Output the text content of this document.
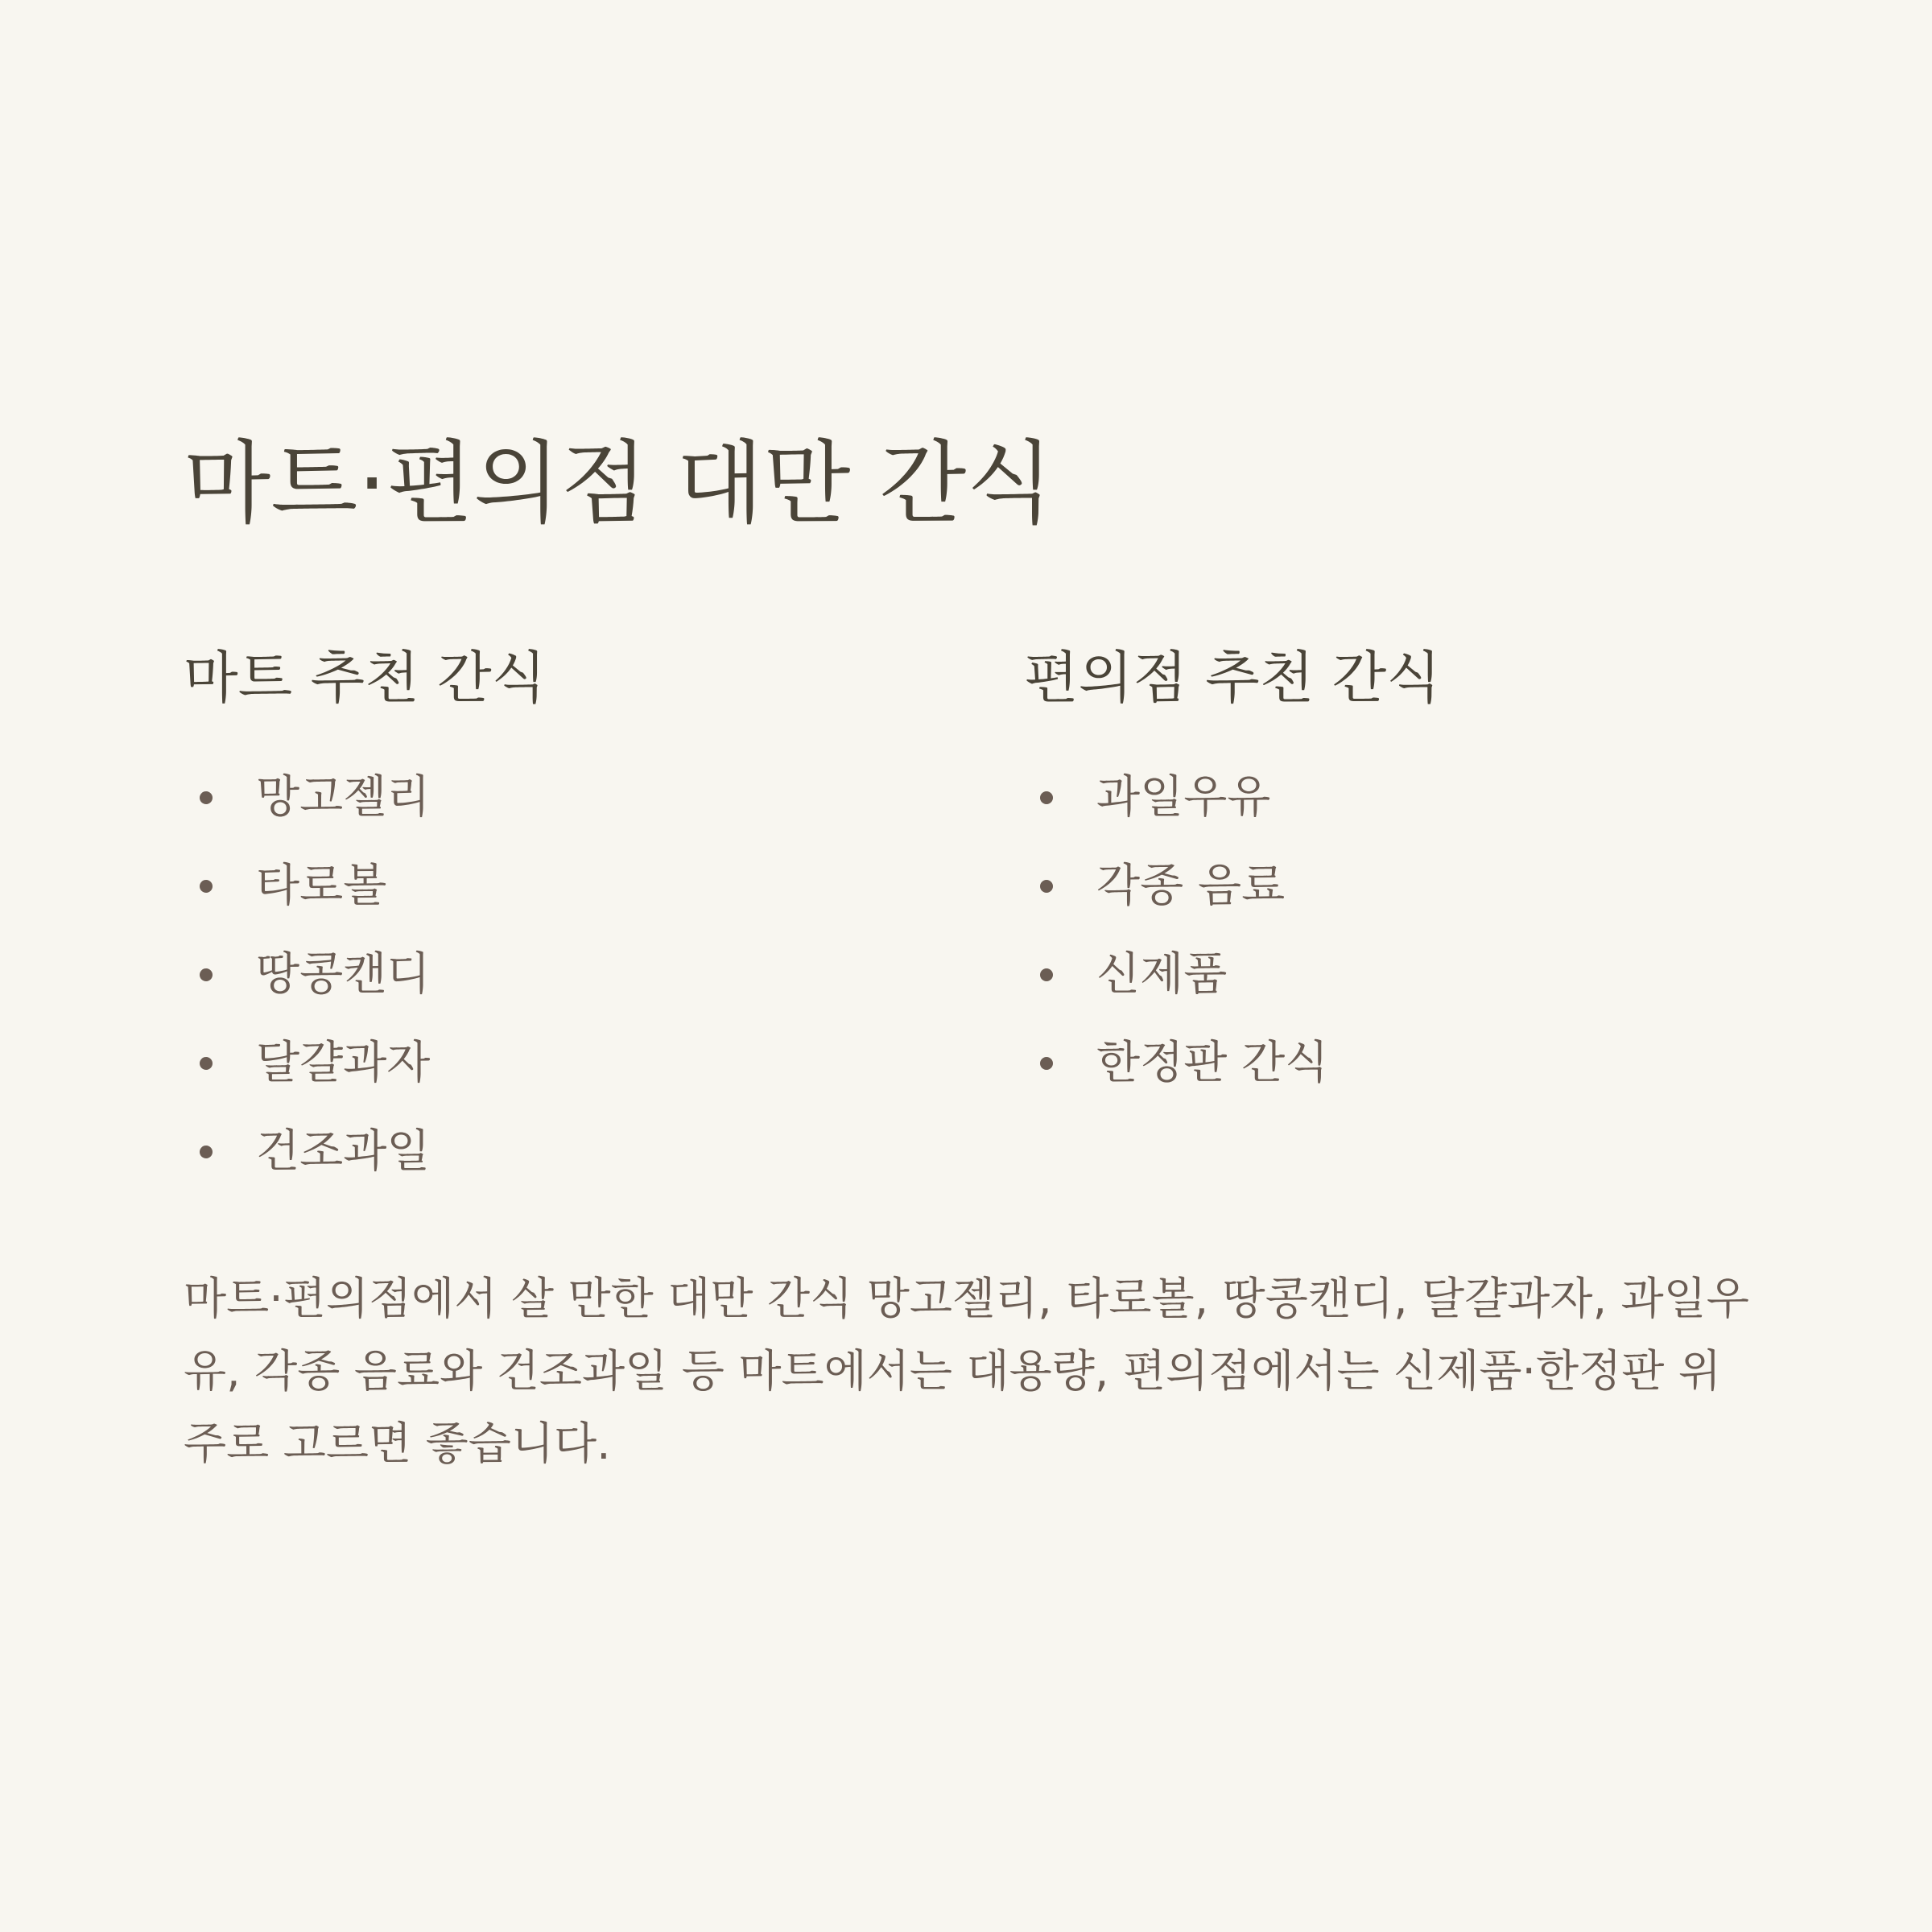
마트·편의점 대만 간식
마트 추천 간식
망고젤리
타로볼
땅콩캔디
달걀과자
건조과일
편의점 추천 간식
과일우유
각종 음료
신제품
한정판 간식

마트·편의점에서 살 만한 대만 간식 망고젤리, 타로볼, 땅콩캔디, 달걀과자, 과일우유, 각종 음료와 건조과일 등 마트에서는 대용량, 편의점에서는 신제품·한정판 위주로 고르면 좋습니다.
